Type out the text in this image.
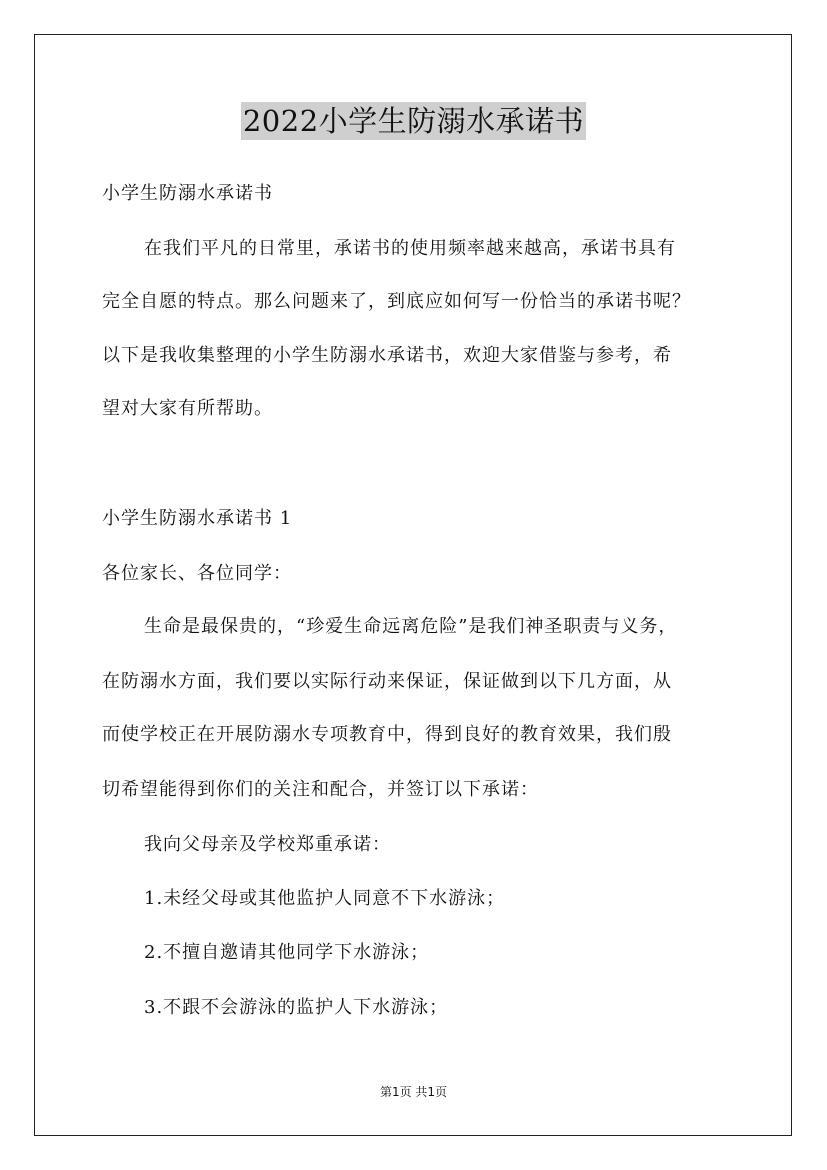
2022小学生防溺水承诺书
小学生防溺水承诺书
在我们平凡的日常里，承诺书的使用频率越来越高，承诺书具有
完全自愿的特点。那么问题来了，到底应如何写一份恰当的承诺书呢？
以下是我收集整理的小学生防溺水承诺书，欢迎大家借鉴与参考，希
望对大家有所帮助。
小学生防溺水承诺书 1
各位家长、各位同学：
生命是最保贵的，“珍爱生命远离危险”是我们神圣职责与义务，
在防溺水方面，我们要以实际行动来保证，保证做到以下几方面，从
而使学校正在开展防溺水专项教育中，得到良好的教育效果，我们殷
切希望能得到你们的关注和配合，并签订以下承诺：
我向父母亲及学校郑重承诺：
1.未经父母或其他监护人同意不下水游泳；
2.不擅自邀请其他同学下水游泳；
3.不跟不会游泳的监护人下水游泳；
第1页 共1页
